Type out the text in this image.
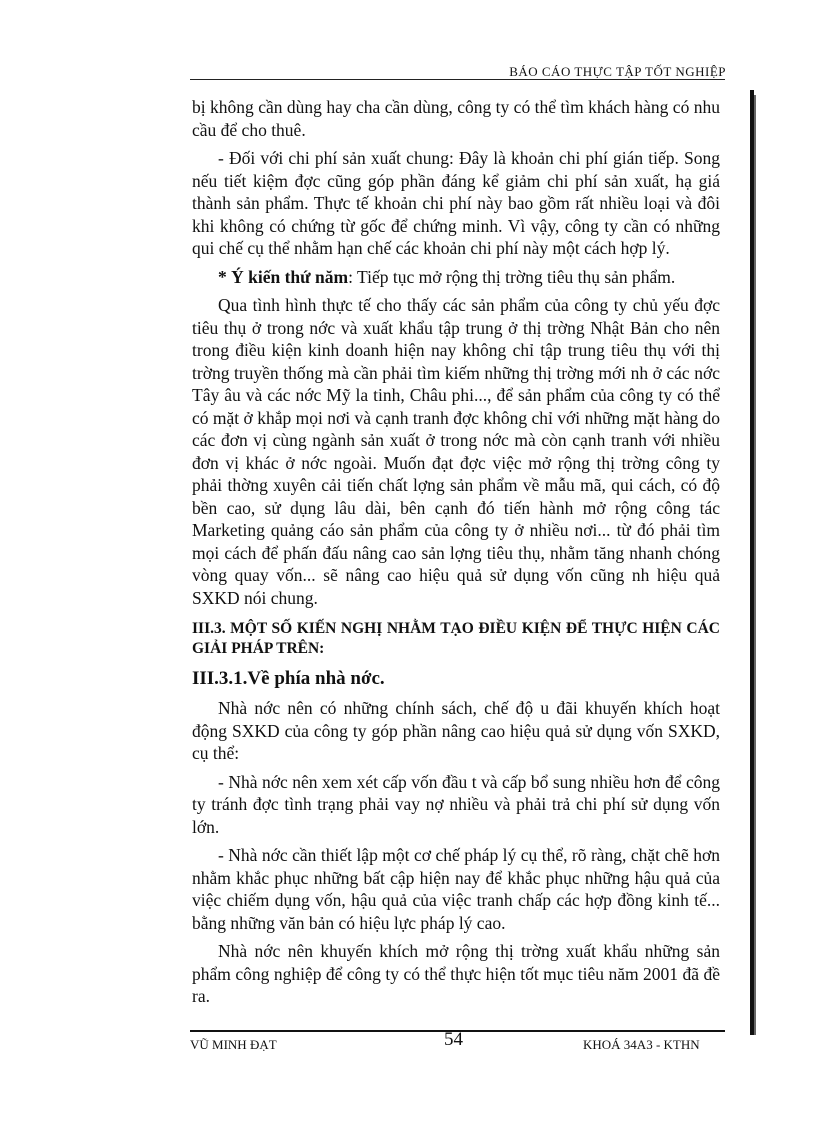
BÁO CÁO THỰC TẬP TỐT NGHIỆP

bị không cần dùng hay cha cần dùng, công ty có thể tìm khách hàng có nhu cầu để cho thuê.

- Đối với chi phí sản xuất chung: Đây là khoản chi phí gián tiếp. Song nếu tiết kiệm đợc cũng góp phần đáng kể giảm chi phí sản xuất, hạ giá thành sản phẩm. Thực tế khoản chi phí này bao gồm rất nhiều loại và đôi khi không có chứng từ gốc để chứng minh. Vì vậy, công ty cần có những qui chế cụ thể nhằm hạn chế các khoản chi phí này một cách hợp lý.

* Ý kiến thứ năm: Tiếp tục mở rộng thị trờng tiêu thụ sản phẩm.

Qua tình hình thực tế cho thấy các sản phẩm của công ty chủ yếu đợc tiêu thụ ở trong nớc và xuất khẩu tập trung ở thị trờng Nhật Bản cho nên trong điều kiện kinh doanh hiện nay không chỉ tập trung tiêu thụ với thị trờng truyền thống mà cần phải tìm kiếm những thị trờng mới nh ở các nớc Tây âu và các nớc Mỹ la tinh, Châu phi..., để sản phẩm của công ty có thể có mặt ở khắp mọi nơi và cạnh tranh đợc không chỉ với những mặt hàng do các đơn vị cùng ngành sản xuất ở trong nớc mà còn cạnh tranh với nhiều đơn vị khác ở nớc ngoài. Muốn đạt đợc việc mở rộng thị trờng công ty phải thờng xuyên cải tiến chất lợng sản phẩm về mẫu mã, qui cách, có độ bền cao, sử dụng lâu dài, bên cạnh đó tiến hành mở rộng công tác Marketing quảng cáo sản phẩm của công ty ở nhiều nơi... từ đó phải tìm mọi cách để phấn đấu nâng cao sản lợng tiêu thụ, nhằm tăng nhanh chóng vòng quay vốn... sẽ nâng cao hiệu quả sử dụng vốn cũng nh hiệu quả SXKD nói chung.

III.3. MỘT SỐ KIẾN NGHỊ NHẰM TẠO ĐIỀU KIỆN ĐỂ THỰC HIỆN CÁC GIẢI PHÁP TRÊN:
III.3.1.Về phía nhà nớc.

Nhà nớc nên có những chính sách, chế độ u đãi khuyến khích hoạt động SXKD của công ty góp phần nâng cao hiệu quả sử dụng vốn SXKD, cụ thể:

- Nhà nớc nên xem xét cấp vốn đầu t và cấp bổ sung nhiều hơn để công ty tránh đợc tình trạng phải vay nợ nhiều và phải trả chi phí sử dụng vốn lớn.

- Nhà nớc cần thiết lập một cơ chế pháp lý cụ thể, rõ ràng, chặt chẽ hơn nhằm khắc phục những bất cập hiện nay để khắc phục những hậu quả của việc chiếm dụng vốn, hậu quả của việc tranh chấp các hợp đồng kinh tế... bằng những văn bản có hiệu lực pháp lý cao.

Nhà nớc nên khuyến khích mở rộng thị trờng xuất khẩu những sản phẩm công nghiệp để công ty có thể thực hiện tốt mục tiêu năm 2001 đã đề ra.

VŨ MINH ĐẠT	54	KHOÁ 34A3 - KTHN
